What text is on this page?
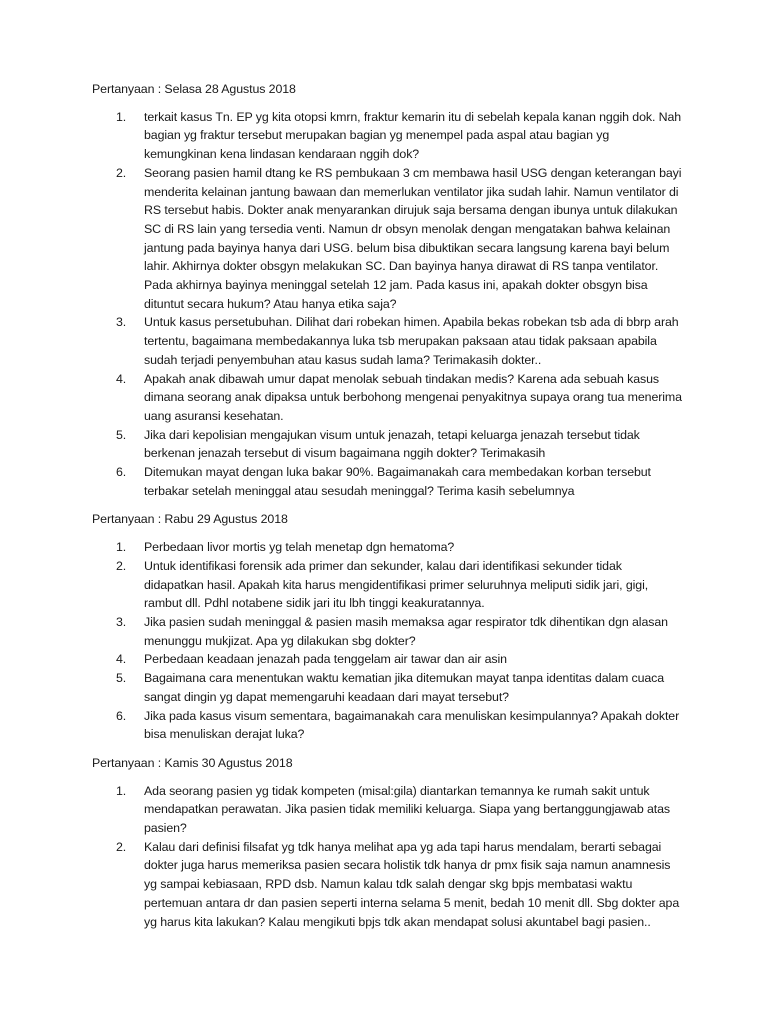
Pertanyaan : Selasa 28 Agustus 2018

1. terkait kasus Tn. EP yg kita otopsi kmrn, fraktur kemarin itu di sebelah kepala kanan nggih dok. Nah bagian yg fraktur tersebut merupakan bagian yg menempel pada aspal atau bagian yg kemungkinan kena lindasan kendaraan nggih dok?
2. Seorang pasien hamil dtang ke RS pembukaan 3 cm membawa hasil USG dengan keterangan bayi menderita kelainan jantung bawaan dan memerlukan ventilator jika sudah lahir. Namun ventilator di RS tersebut habis. Dokter anak menyarankan dirujuk saja bersama dengan ibunya untuk dilakukan SC di RS lain yang tersedia venti. Namun dr obsyn menolak dengan mengatakan bahwa kelainan jantung pada bayinya hanya dari USG. belum bisa dibuktikan secara langsung karena bayi belum lahir. Akhirnya dokter obsgyn melakukan SC. Dan bayinya hanya dirawat di RS tanpa ventilator. Pada akhirnya bayinya meninggal setelah 12 jam. Pada kasus ini, apakah dokter obsgyn bisa dituntut secara hukum? Atau hanya etika saja?
3. Untuk kasus persetubuhan. Dilihat dari robekan himen. Apabila bekas robekan tsb ada di bbrp arah tertentu, bagaimana membedakannya luka tsb merupakan paksaan atau tidak paksaan apabila sudah terjadi penyembuhan atau kasus sudah lama? Terimakasih dokter..
4. Apakah anak dibawah umur dapat menolak sebuah tindakan medis? Karena ada sebuah kasus dimana seorang anak dipaksa untuk berbohong mengenai penyakitnya supaya orang tua menerima uang asuransi kesehatan.
5. Jika dari kepolisian mengajukan visum untuk jenazah, tetapi keluarga jenazah tersebut tidak berkenan jenazah tersebut di visum bagaimana nggih dokter? Terimakasih
6. Ditemukan mayat dengan luka bakar 90%. Bagaimanakah cara membedakan korban tersebut terbakar setelah meninggal atau sesudah meninggal? Terima kasih sebelumnya

Pertanyaan : Rabu 29 Agustus 2018

1. Perbedaan livor mortis yg telah menetap dgn hematoma?
2. Untuk identifikasi forensik ada primer dan sekunder, kalau dari identifikasi sekunder tidak didapatkan hasil. Apakah kita harus mengidentifikasi primer seluruhnya meliputi sidik jari, gigi, rambut dll. Pdhl notabene sidik jari itu lbh tinggi keakuratannya.
3. Jika pasien sudah meninggal & pasien masih memaksa agar respirator tdk dihentikan dgn alasan menunggu mukjizat. Apa yg dilakukan sbg dokter?
4. Perbedaan keadaan jenazah pada tenggelam air tawar dan air asin
5. Bagaimana cara menentukan waktu kematian jika ditemukan mayat tanpa identitas dalam cuaca sangat dingin yg dapat memengaruhi keadaan dari mayat tersebut?
6. Jika pada kasus visum sementara, bagaimanakah cara menuliskan kesimpulannya? Apakah dokter bisa menuliskan derajat luka?

Pertanyaan : Kamis 30 Agustus 2018

1. Ada seorang pasien yg tidak kompeten (misal:gila) diantarkan temannya ke rumah sakit untuk mendapatkan perawatan. Jika pasien tidak memiliki keluarga. Siapa yang bertanggungjawab atas pasien?
2. Kalau dari definisi filsafat yg tdk hanya melihat apa yg ada tapi harus mendalam, berarti sebagai dokter juga harus memeriksa pasien secara holistik tdk hanya dr pmx fisik saja namun anamnesis yg sampai kebiasaan, RPD dsb. Namun kalau tdk salah dengar skg bpjs membatasi waktu pertemuan antara dr dan pasien seperti interna selama 5 menit, bedah 10 menit dll. Sbg dokter apa yg harus kita lakukan? Kalau mengikuti bpjs tdk akan mendapat solusi akuntabel bagi pasien..
